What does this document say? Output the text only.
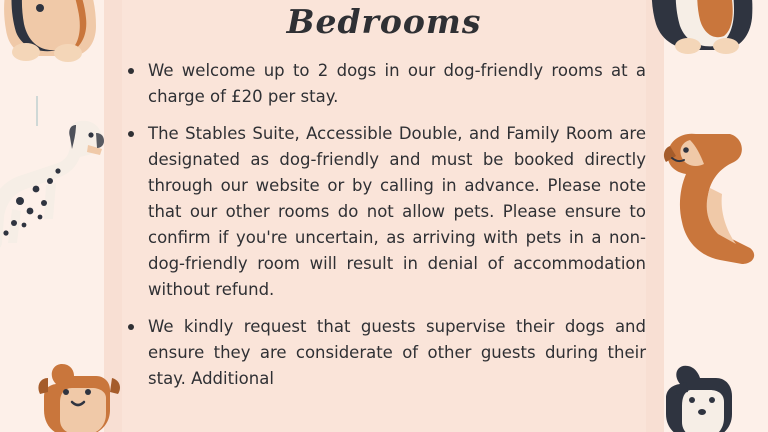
Bedrooms
We welcome up to 2 dogs in our dog-friendly rooms at a charge of £20 per stay.
The Stables Suite, Accessible Double, and Family Room are designated as dog-friendly and must be booked directly through our website or by calling in advance. Please note that our other rooms do not allow pets. Please ensure to confirm if you're uncertain, as arriving with pets in a non-dog-friendly room will result in denial of accommodation without refund.
We kindly request that guests supervise their dogs and ensure they are considerate of other guests during their stay. Additional
